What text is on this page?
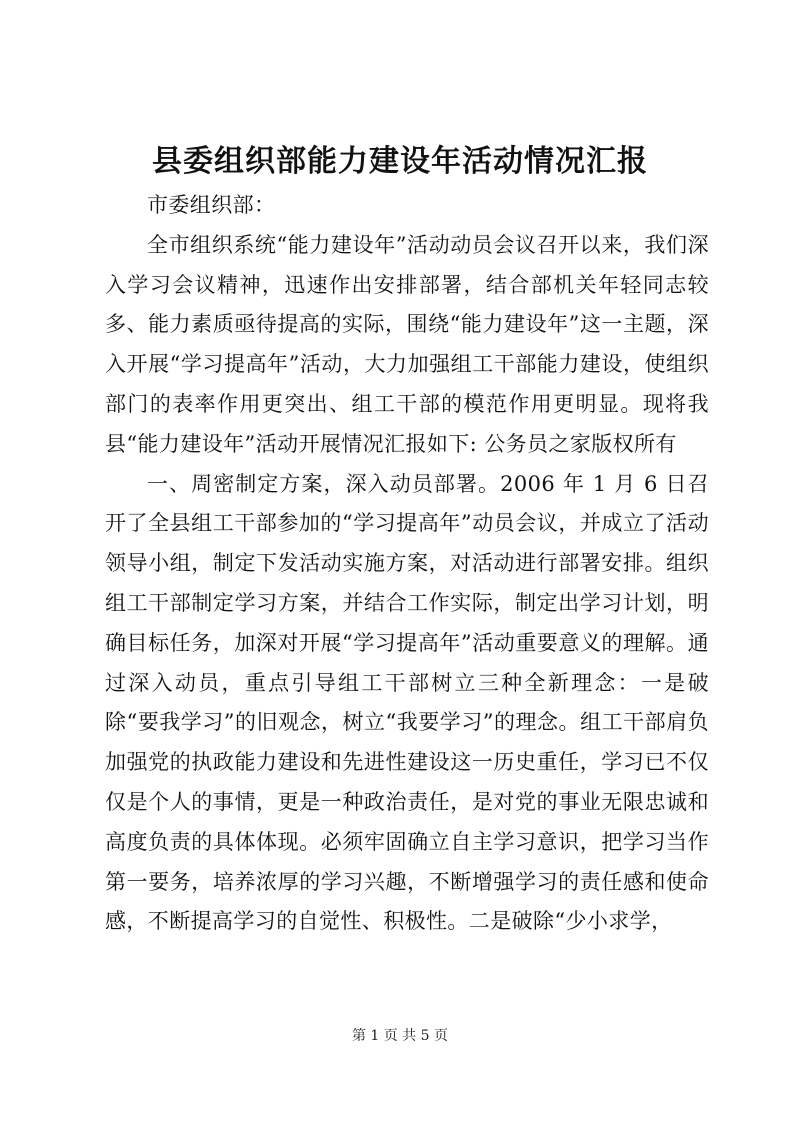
县委组织部能力建设年活动情况汇报

市委组织部：

全市组织系统“能力建设年”活动动员会议召开以来，我们深入学习会议精神，迅速作出安排部署，结合部机关年轻同志较多、能力素质亟待提高的实际，围绕“能力建设年”这一主题，深入开展“学习提高年”活动，大力加强组工干部能力建设，使组织部门的表率作用更突出、组工干部的模范作用更明显。现将我县“能力建设年”活动开展情况汇报如下: 公务员之家版权所有

一、周密制定方案，深入动员部署。2006 年 1 月 6 日召开了全县组工干部参加的“学习提高年”动员会议，并成立了活动领导小组，制定下发活动实施方案，对活动进行部署安排。组织组工干部制定学习方案，并结合工作实际，制定出学习计划，明确目标任务，加深对开展“学习提高年”活动重要意义的理解。通过深入动员，重点引导组工干部树立三种全新理念：一是破除“要我学习”的旧观念，树立“我要学习”的理念。组工干部肩负加强党的执政能力建设和先进性建设这一历史重任，学习已不仅仅是个人的事情，更是一种政治责任，是对党的事业无限忠诚和高度负责的具体体现。必须牢固确立自主学习意识，把学习当作第一要务，培养浓厚的学习兴趣，不断增强学习的责任感和使命感，不断提高学习的自觉性、积极性。二是破除“少小求学，

第 1 页 共 5 页
